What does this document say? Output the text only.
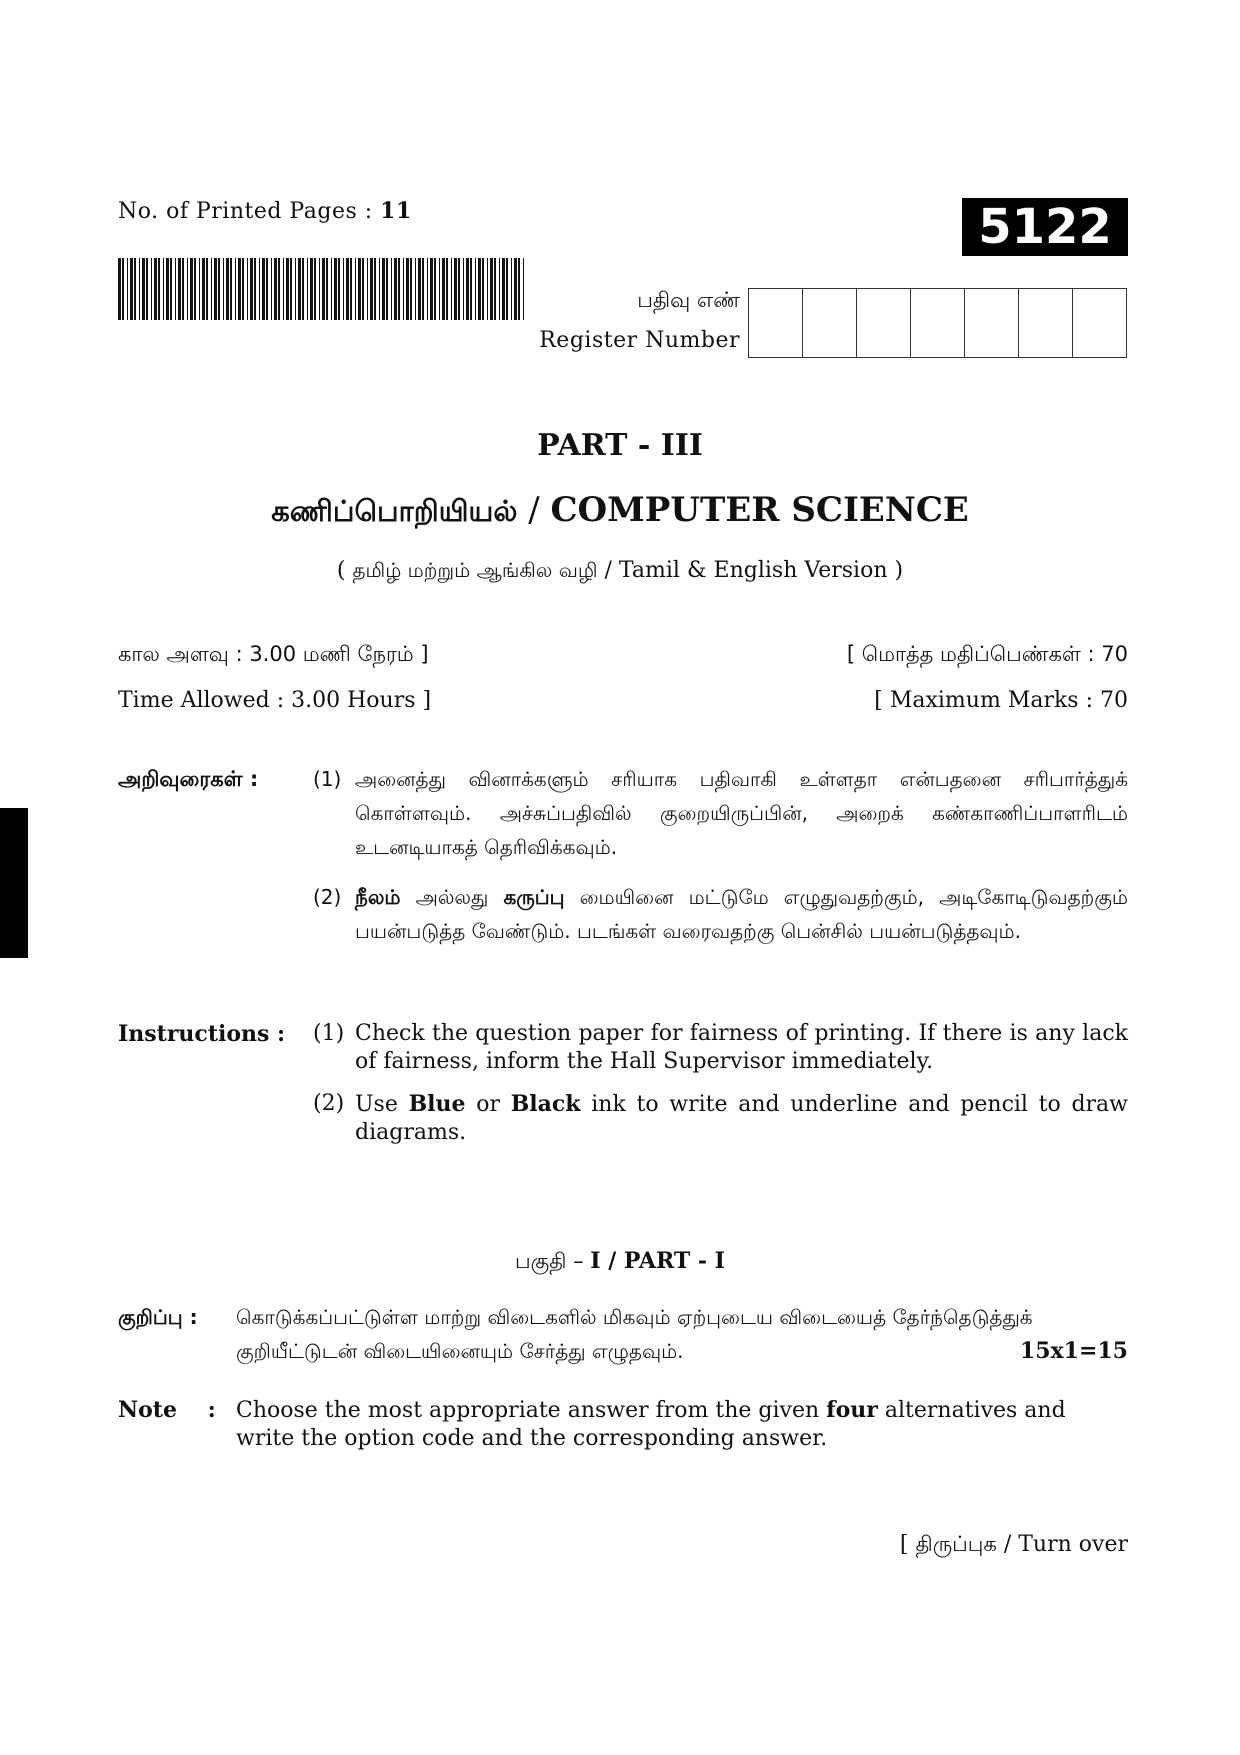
No. of Printed Pages : 11	5122
பதிவு எண்
Register Number
PART - III
கணிப்பொறியியல் / COMPUTER SCIENCE
( தமிழ் மற்றும் ஆங்கில வழி / Tamil & English Version )
கால அளவு : 3.00 மணி நேரம் ]	[ மொத்த மதிப்பெண்கள் : 70
Time Allowed : 3.00 Hours ]	[ Maximum Marks : 70
அறிவுரைகள் :	(1) அனைத்து வினாக்களும் சரியாக பதிவாகி உள்ளதா என்பதனை சரிபார்த்துக் கொள்ளவும். அச்சுப்பதிவில் குறையிருப்பின், அறைக் கண்காணிப்பாளரிடம் உடனடியாகத் தெரிவிக்கவும்.
(2) நீலம் அல்லது கருப்பு மையினை மட்டுமே எழுதுவதற்கும், அடிகோடிடுவதற்கும் பயன்படுத்த வேண்டும். படங்கள் வரைவதற்கு பென்சில் பயன்படுத்தவும்.
Instructions :	(1) Check the question paper for fairness of printing. If there is any lack of fairness, inform the Hall Supervisor immediately.
(2) Use Blue or Black ink to write and underline and pencil to draw diagrams.
பகுதி – I / PART - I
குறிப்பு :	கொடுக்கப்பட்டுள்ள மாற்று விடைகளில் மிகவும் ஏற்புடைய விடையைத் தேர்ந்தெடுத்துக் குறியீட்டுடன் விடையினையும் சேர்த்து எழுதவும்.	15x1=15
Note    : Choose the most appropriate answer from the given four alternatives and write the option code and the corresponding answer.
[ திருப்புக / Turn over
